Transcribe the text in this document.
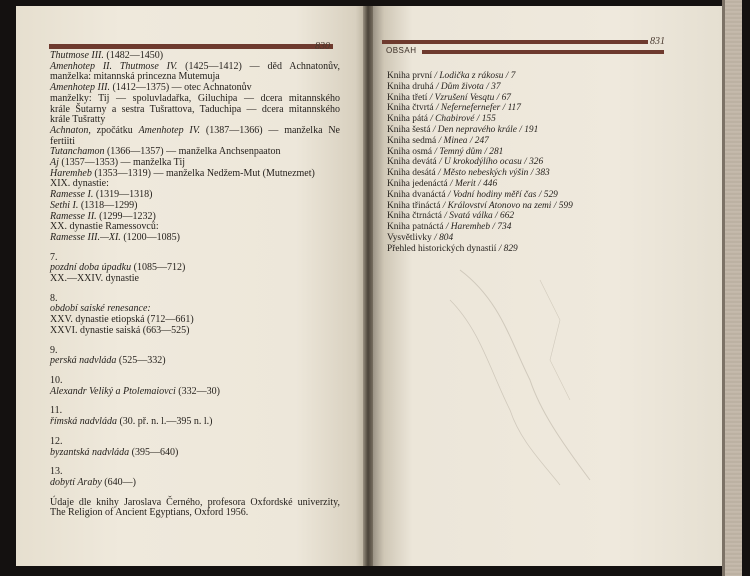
830
Thutmose III. (1482—1450)
Amenhotep II. Thutmose IV. (1425—1412) — děd Achnatonův,
manželka: mitannská princezna Mutemuja
Amenhotep III. (1412—1375) — otec Achnatonův
manželky: Tij — spoluvladařka, Giluchipa — dcera mitannského
krále Šutarny a sestra Tušrattova, Taduchipa — dcera mitannského
krále Tušratty
Achnaton, zpočátku Amenhotep IV. (1387—1366) — manželka Ne
fertiiti
Tutanchamon (1366—1357) — manželka Anchsenpaaton
Aj (1357—1353) — manželka Tij
Haremheb (1353—1319) — manželka Nedžem-Mut (Mutnezmet)
XIX. dynastie:
Ramesse I. (1319—1318)
Sethi I. (1318—1299)
Ramesse II. (1299—1232)
XX. dynastie Ramessovců:
Ramesse III.—XI. (1200—1085)
7.
pozdní doba úpadku (1085—712)
XX.—XXIV. dynastie
8.
období saiské renesance:
XXV. dynastie etiopská (712—661)
XXVI. dynastie saiská (663—525)
9.
perská nadvláda (525—332)
10.
Alexandr Veliký a Ptolemaiovci (332—30)
11.
římská nadvláda (30. př. n. l.—395 n. l.)
12.
byzantská nadvláda (395—640)
13.
dobytí Araby (640—)
Údaje dle knihy Jaroslava Černého, profesora Oxfordské univerzity,
The Religion of Ancient Egyptians, Oxford 1956.
831
OBSAH
Kniha první / Lodička z rákosu / 7
Kniha druhá / Dům života / 37
Kniha třetí / Vzrušení Vesqtu / 67
Kniha čtvrtá / Nefernefernefer / 117
Kniha pátá / Chabirové / 155
Kniha šestá / Den nepravého krále / 191
Kniha sedmá / Minea / 247
Kniha osmá / Temný dům / 281
Kniha devátá / U krokodýlího ocasu / 326
Kniha desátá / Město nebeských výšin / 383
Kniha jedenáctá / Merit / 446
Kniha dvanáctá / Vodní hodiny měří čas / 529
Kniha třináctá / Království Atonovo na zemi / 599
Kniha čtrnáctá / Svatá válka / 662
Kniha patnáctá / Haremheb / 734
Vysvětlivky / 804
Přehled historických dynastií / 829
